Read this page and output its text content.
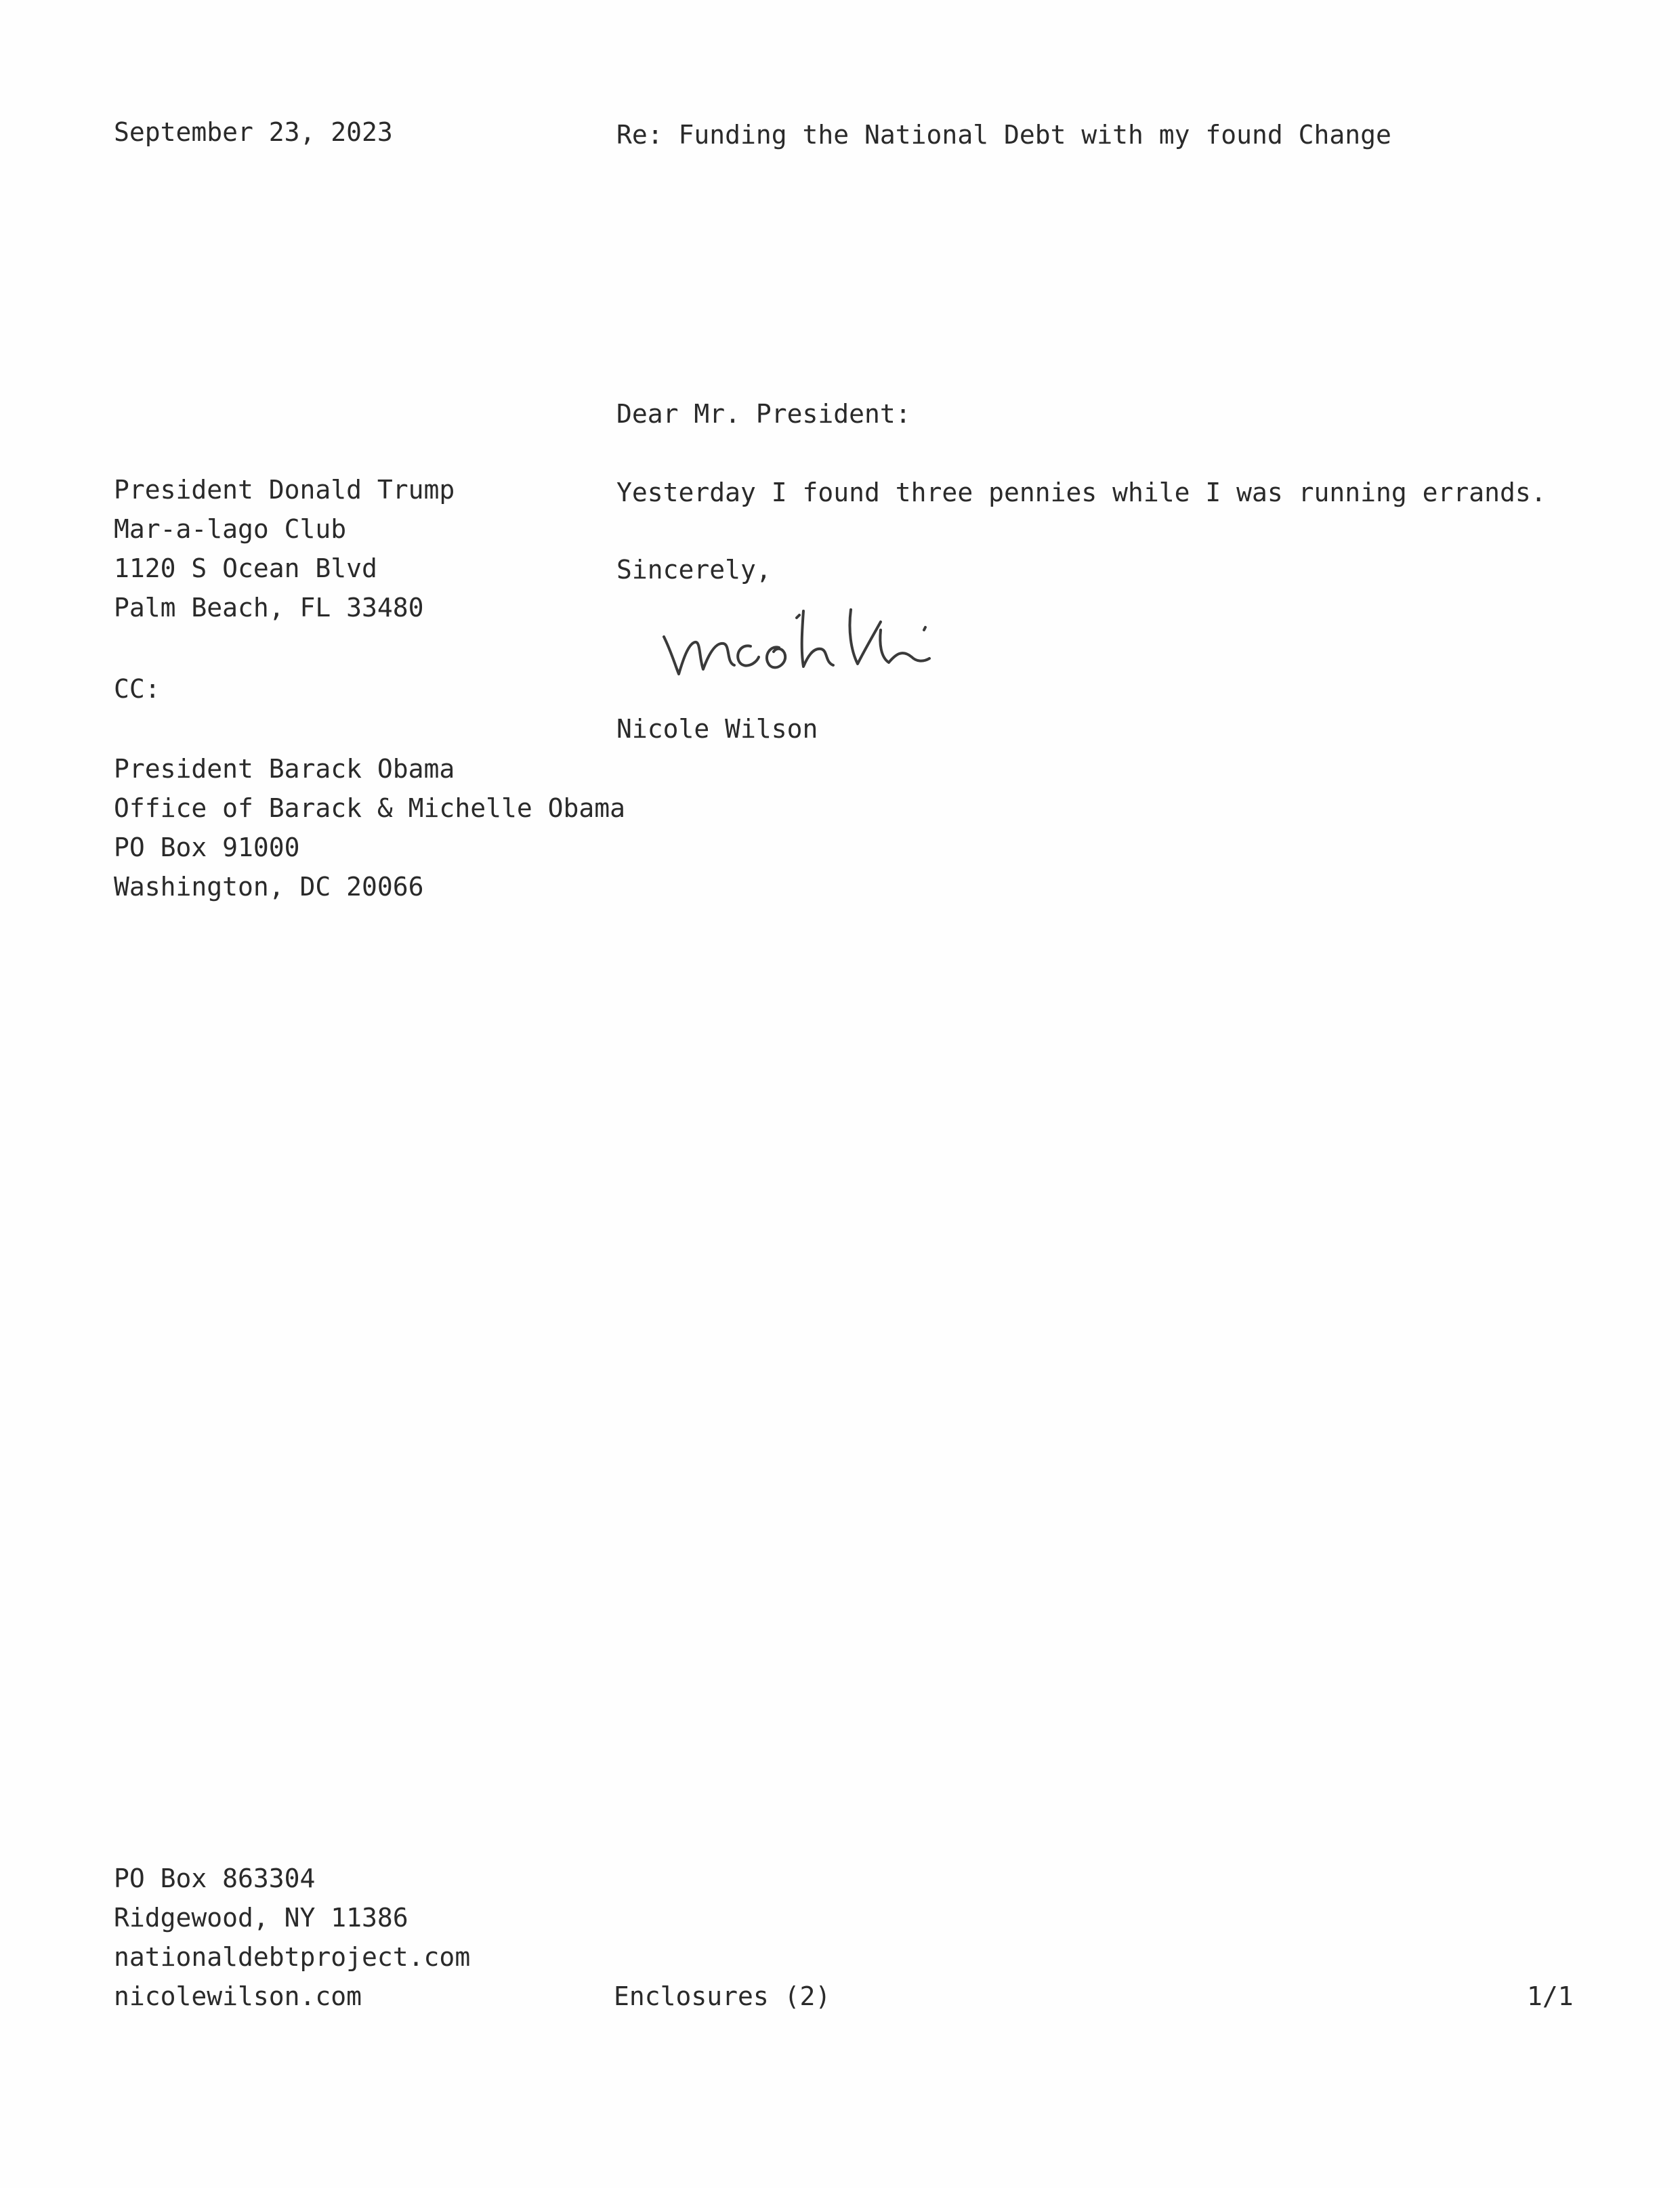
September 23, 2023	Re: Funding the National Debt with my found Change
Dear Mr. President:
President Donald Trump
Mar-a-lago Club
1120 S Ocean Blvd
Palm Beach, FL 33480
Yesterday I found three pennies while I was running errands.
Sincerely,
Nicole Wilson
CC:
President Barack Obama
Office of Barack & Michelle Obama
PO Box 91000
Washington, DC 20066
PO Box 863304
Ridgewood, NY 11386
nationaldebtproject.com
nicolewilson.com	Enclosures (2)	1/1
